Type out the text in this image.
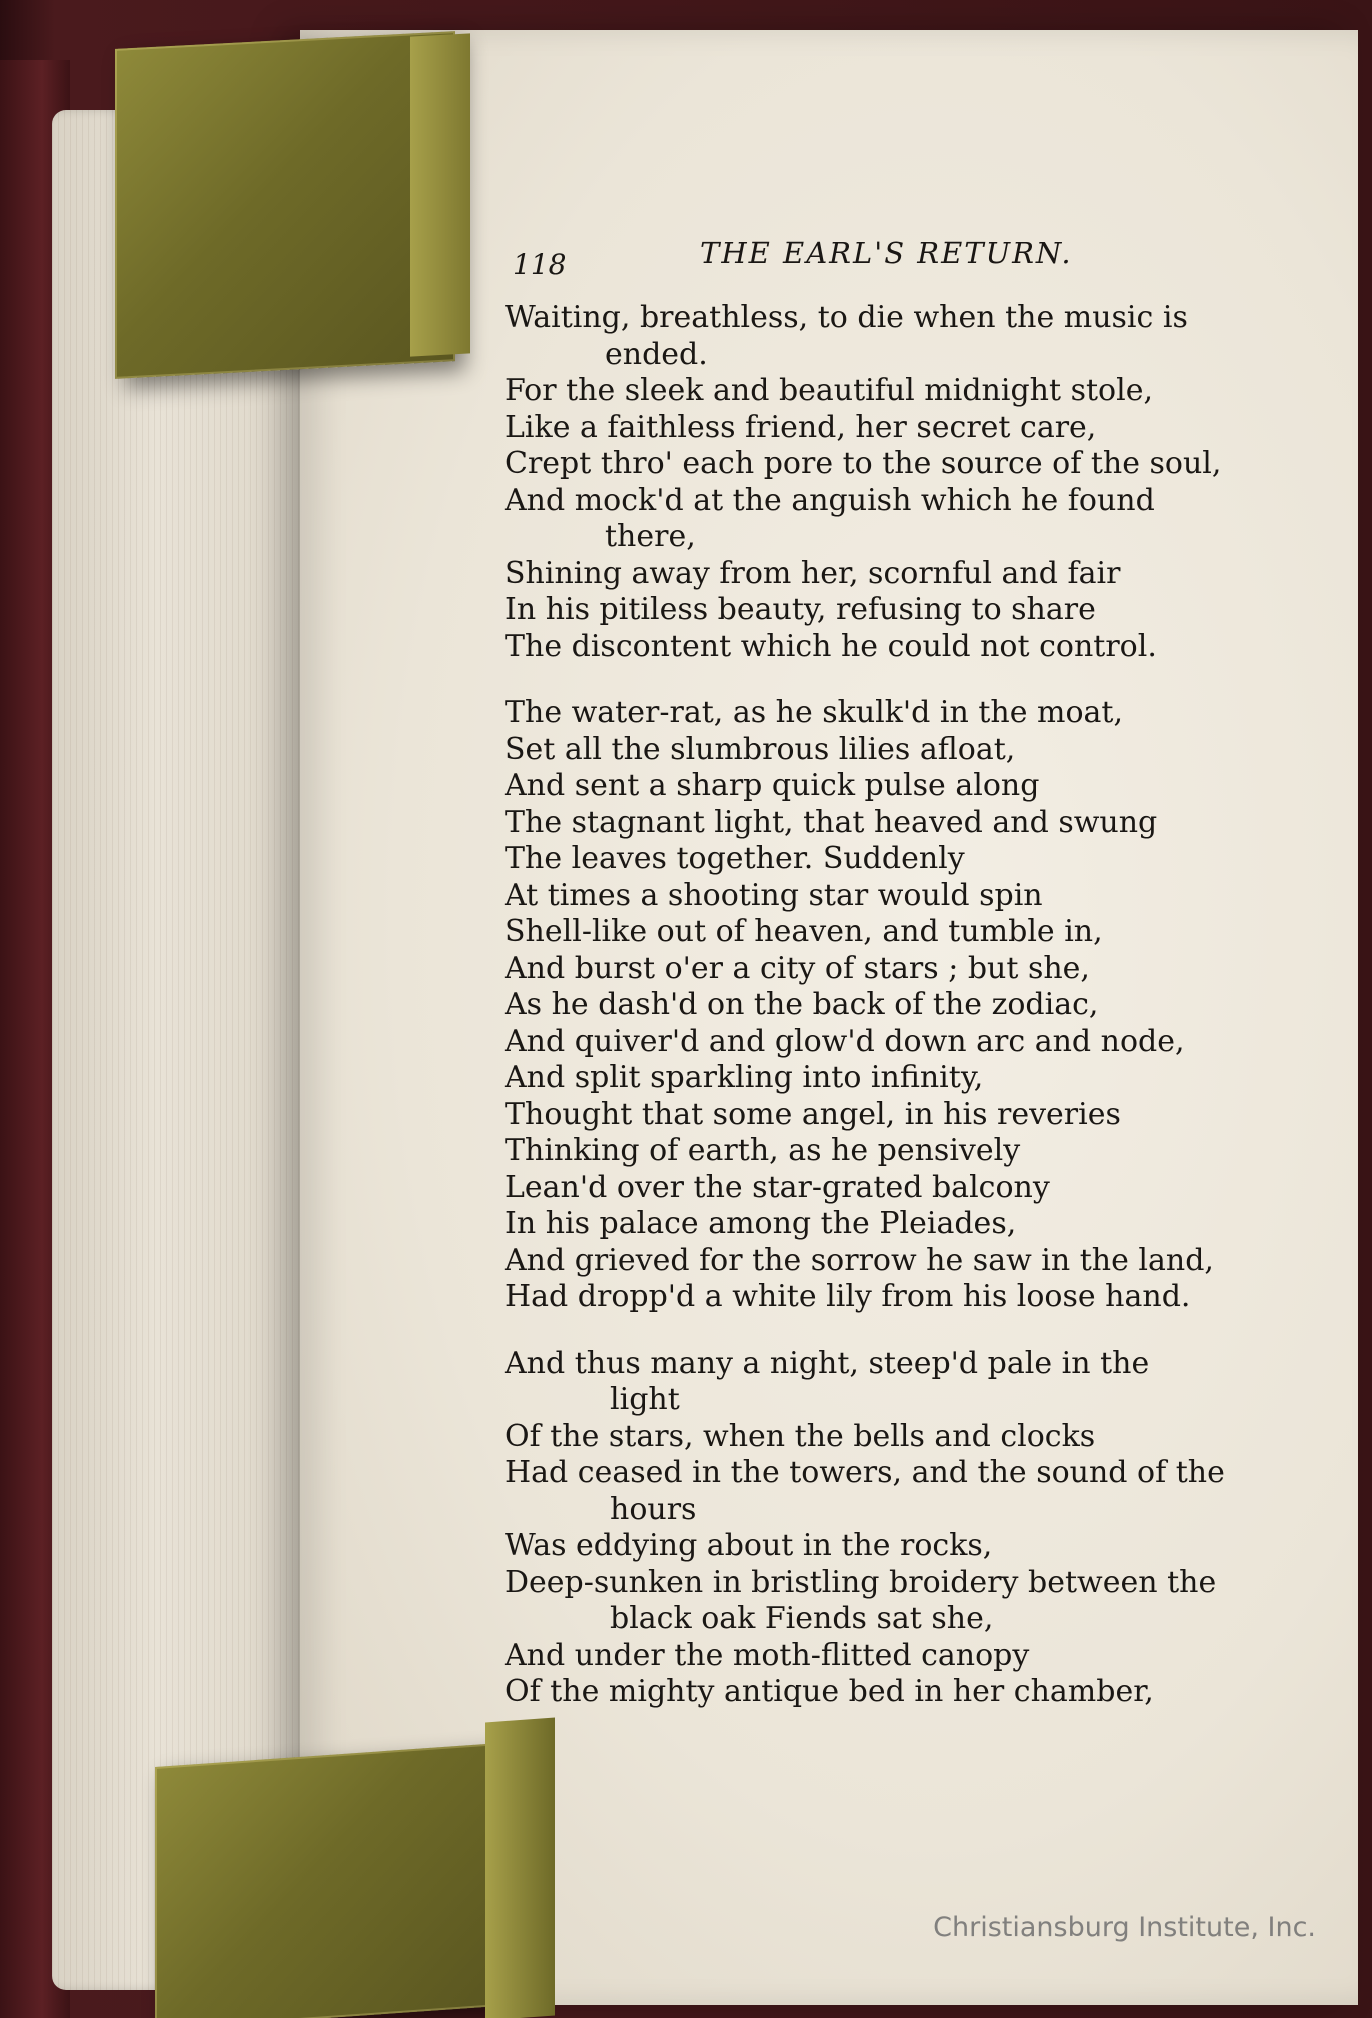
118	THE EARL'S RETURN.
Waiting, breathless, to die when the music is
ended.
For the sleek and beautiful midnight stole,
Like a faithless friend, her secret care,
Crept thro' each pore to the source of the soul,
And mock'd at the anguish which he found
there,
Shining away from her, scornful and fair
In his pitiless beauty, refusing to share
The discontent which he could not control.
The water-rat, as he skulk'd in the moat,
Set all the slumbrous lilies afloat,
And sent a sharp quick pulse along
The stagnant light, that heaved and swung
The leaves together. Suddenly
At times a shooting star would spin
Shell-like out of heaven, and tumble in,
And burst o'er a city of stars ; but she,
As he dash'd on the back of the zodiac,
And quiver'd and glow'd down arc and node,
And split sparkling into infinity,
Thought that some angel, in his reveries
Thinking of earth, as he pensively
Lean'd over the star-grated balcony
In his palace among the Pleiades,
And grieved for the sorrow he saw in the land,
Had dropp'd a white lily from his loose hand.
And thus many a night, steep'd pale in the
light
Of the stars, when the bells and clocks
Had ceased in the towers, and the sound of the
hours
Was eddying about in the rocks,
Deep-sunken in bristling broidery between the
black oak Fiends sat she,
And under the moth-flitted canopy
Of the mighty antique bed in her chamber,
Christiansburg Institute, Inc.
